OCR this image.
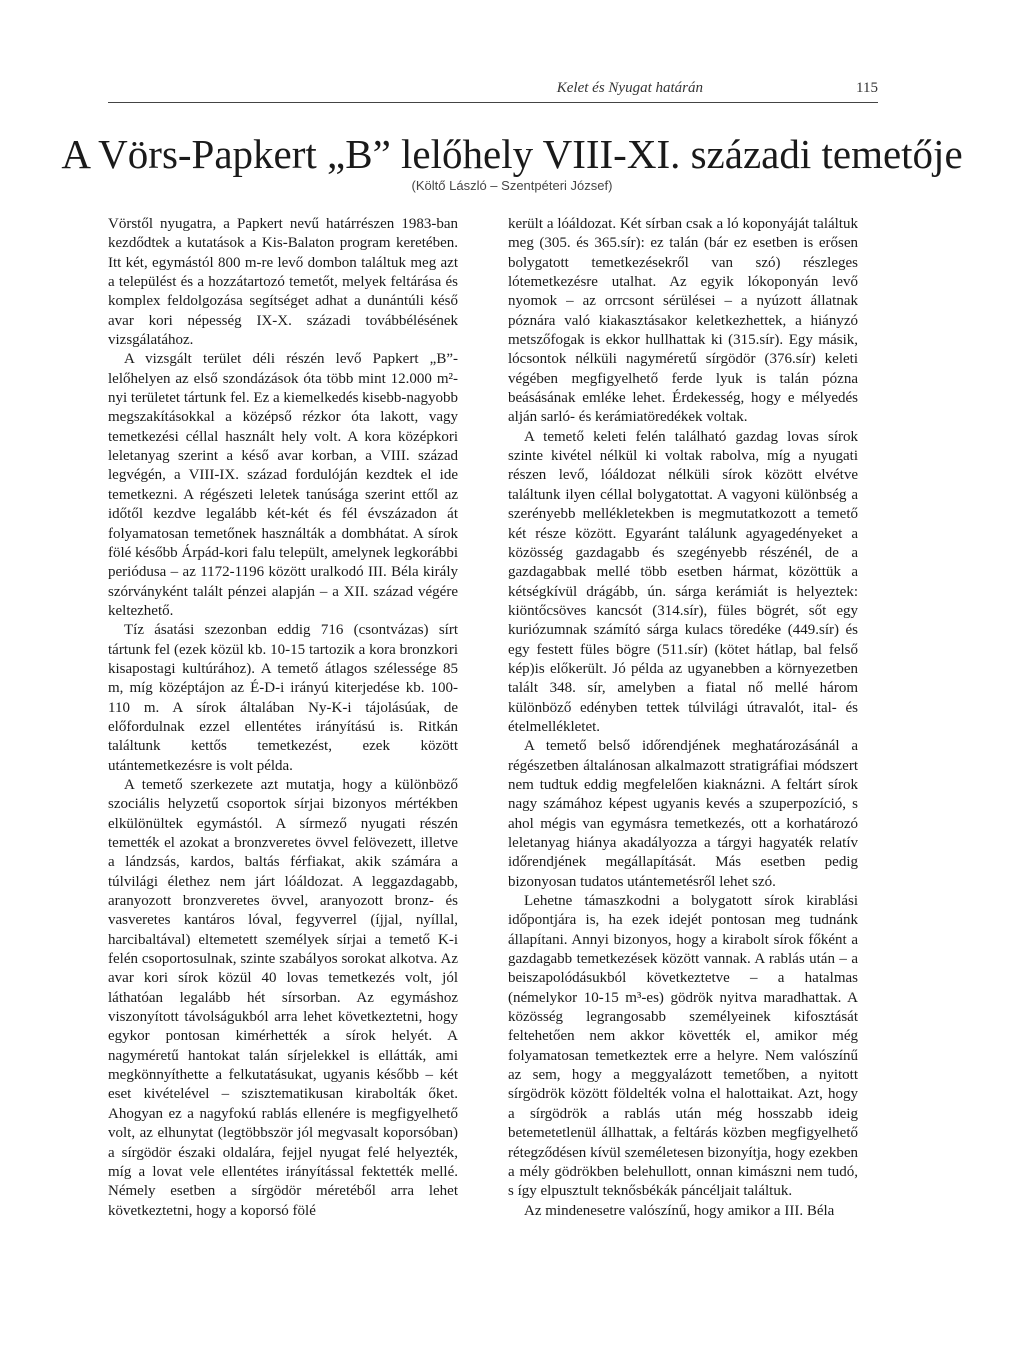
Kelet és Nyugat határán	115
A Vörs-Papkert „B” lelőhely VIII-XI. századi temetője
(Költő László – Szentpéteri József)

Vörstől nyugatra, a Papkert nevű határrészen 1983-ban kezdődtek a kutatások a Kis-Balaton program keretében. Itt két, egymástól 800 m-re levő dombon találtuk meg azt a települést és a hozzátartozó temetőt, melyek feltárása és komplex feldolgozása segítséget adhat a dunántúli késő avar kori népesség IX-X. századi továbbélésének vizsgálatához.

A vizsgált terület déli részén levő Papkert „B”-lelőhelyen az első szondázások óta több mint 12.000 m²-nyi területet tártunk fel. Ez a kiemelkedés kisebb-nagyobb megszakításokkal a középső rézkor óta lakott, vagy temetkezési céllal használt hely volt. A kora középkori leletanyag szerint a késő avar korban, a VIII. század legvégén, a VIII-IX. század fordulóján kezdtek el ide temetkezni. A régészeti leletek tanúsága szerint ettől az időtől kezdve legalább két-két és fél évszázadon át folyamatosan temetőnek használták a dombhátat. A sírok fölé később Árpád-kori falu települt, amelynek legkorábbi periódusa – az 1172-1196 között uralkodó III. Béla király szórványként talált pénzei alapján – a XII. század végére keltezhető.

Tíz ásatási szezonban eddig 716 (csontvázas) sírt tártunk fel (ezek közül kb. 10-15 tartozik a kora bronzkori kisapostagi kultúrához). A temető átlagos szélessége 85 m, míg középtájon az É-D-i irányú kiterjedése kb. 100-110 m. A sírok általában Ny-K-i tájolásúak, de előfordulnak ezzel ellentétes irányítású is. Ritkán találtunk kettős temetkezést, ezek között utántemetkezésre is volt példa.

A temető szerkezete azt mutatja, hogy a különböző szociális helyzetű csoportok sírjai bizonyos mértékben elkülönültek egymástól. A sírmező nyugati részén temették el azokat a bronzveretes övvel felövezett, illetve a lándzsás, kardos, baltás férfiakat, akik számára a túlvilági élethez nem járt lóáldozat. A leggazdagabb, aranyozott bronzveretes övvel, aranyozott bronz- és vasveretes kantáros lóval, fegyverrel (íjjal, nyíllal, harcibaltával) eltemetett személyek sírjai a temető K-i felén csoportosulnak, szinte szabályos sorokat alkotva. Az avar kori sírok közül 40 lovas temetkezés volt, jól láthatóan legalább hét sírsorban. Az egymáshoz viszonyított távolságukból arra lehet következtetni, hogy egykor pontosan kimérhették a sírok helyét. A nagyméretű hantokat talán sírjelekkel is ellátták, ami megkönnyíthette a felkutatásukat, ugyanis később – két eset kivételével – szisztematikusan kirabolták őket. Ahogyan ez a nagyfokú rablás ellenére is megfigyelhető volt, az elhunytat (legtöbbször jól megvasalt koporsóban) a sírgödör északi oldalára, fejjel nyugat felé helyezték, míg a lovat vele ellentétes irányítással fektették mellé. Némely esetben a sírgödör méretéből arra lehet következtetni, hogy a koporsó fölé

került a lóáldozat. Két sírban csak a ló koponyáját találtuk meg (305. és 365.sír): ez talán (bár ez esetben is erősen bolygatott temetkezésekről van szó) részleges lótemetkezésre utalhat. Az egyik lókoponyán levő nyomok – az orrcsont sérülései – a nyúzott állatnak póznára való kiakasztásakor keletkezhettek, a hiányzó metszőfogak is ekkor hullhattak ki (315.sír). Egy másik, lócsontok nélküli nagyméretű sírgödör (376.sír) keleti végében megfigyelhető ferde lyuk is talán pózna beásásának emléke lehet. Érdekesség, hogy e mélyedés alján sarló- és kerámiatöredékek voltak.

A temető keleti felén található gazdag lovas sírok szinte kivétel nélkül ki voltak rabolva, míg a nyugati részen levő, lóáldozat nélküli sírok között elvétve találtunk ilyen céllal bolygatottat. A vagyoni különbség a szerényebb mellékletekben is megmutatkozott a temető két része között. Egyaránt találunk agyagedényeket a közösség gazdagabb és szegényebb részénél, de a gazdagabbak mellé több esetben hármat, közöttük a kétségkívül drágább, ún. sárga kerámiát is helyeztek: kiöntőcsöves kancsót (314.sír), füles bögrét, sőt egy kuriózumnak számító sárga kulacs töredéke (449.sír) és egy festett füles bögre (511.sír) (kötet hátlap, bal felső kép)is előkerült. Jó példa az ugyanebben a környezetben talált 348. sír, amelyben a fiatal nő mellé három különböző edényben tettek túlvilági útravalót, ital- és ételmellékletet.

A temető belső időrendjének meghatározásánál a régészetben általánosan alkalmazott stratigráfiai módszert nem tudtuk eddig megfelelően kiaknázni. A feltárt sírok nagy számához képest ugyanis kevés a szuperpozíció, s ahol mégis van egymásra temetkezés, ott a korhatározó leletanyag hiánya akadályozza a tárgyi hagyaték relatív időrendjének megállapítását. Más esetben pedig bizonyosan tudatos utántemetésről lehet szó.

Lehetne támaszkodni a bolygatott sírok kirablási időpontjára is, ha ezek idejét pontosan meg tudnánk állapítani. Annyi bizonyos, hogy a kirabolt sírok főként a gazdagabb temetkezések között vannak. A rablás után – a beiszapolódásukból következtetve – a hatalmas (némelykor 10-15 m³-es) gödrök nyitva maradhattak. A közösség legrangosabb személyeinek kifosztását feltehetően nem akkor követték el, amikor még folyamatosan temetkeztek erre a helyre. Nem valószínű az sem, hogy a meggyalázott temetőben, a nyitott sírgödrök között földelték volna el halottaikat. Azt, hogy a sírgödrök a rablás után még hosszabb ideig betemetetlenül állhattak, a feltárás közben megfigyelhető rétegződésen kívül személetesen bizonyítja, hogy ezekben a mély gödrökben belehullott, onnan kimászni nem tudó, s így elpusztult teknősbékák páncéljait találtuk.

Az mindenesetre valószínű, hogy amikor a III. Béla
